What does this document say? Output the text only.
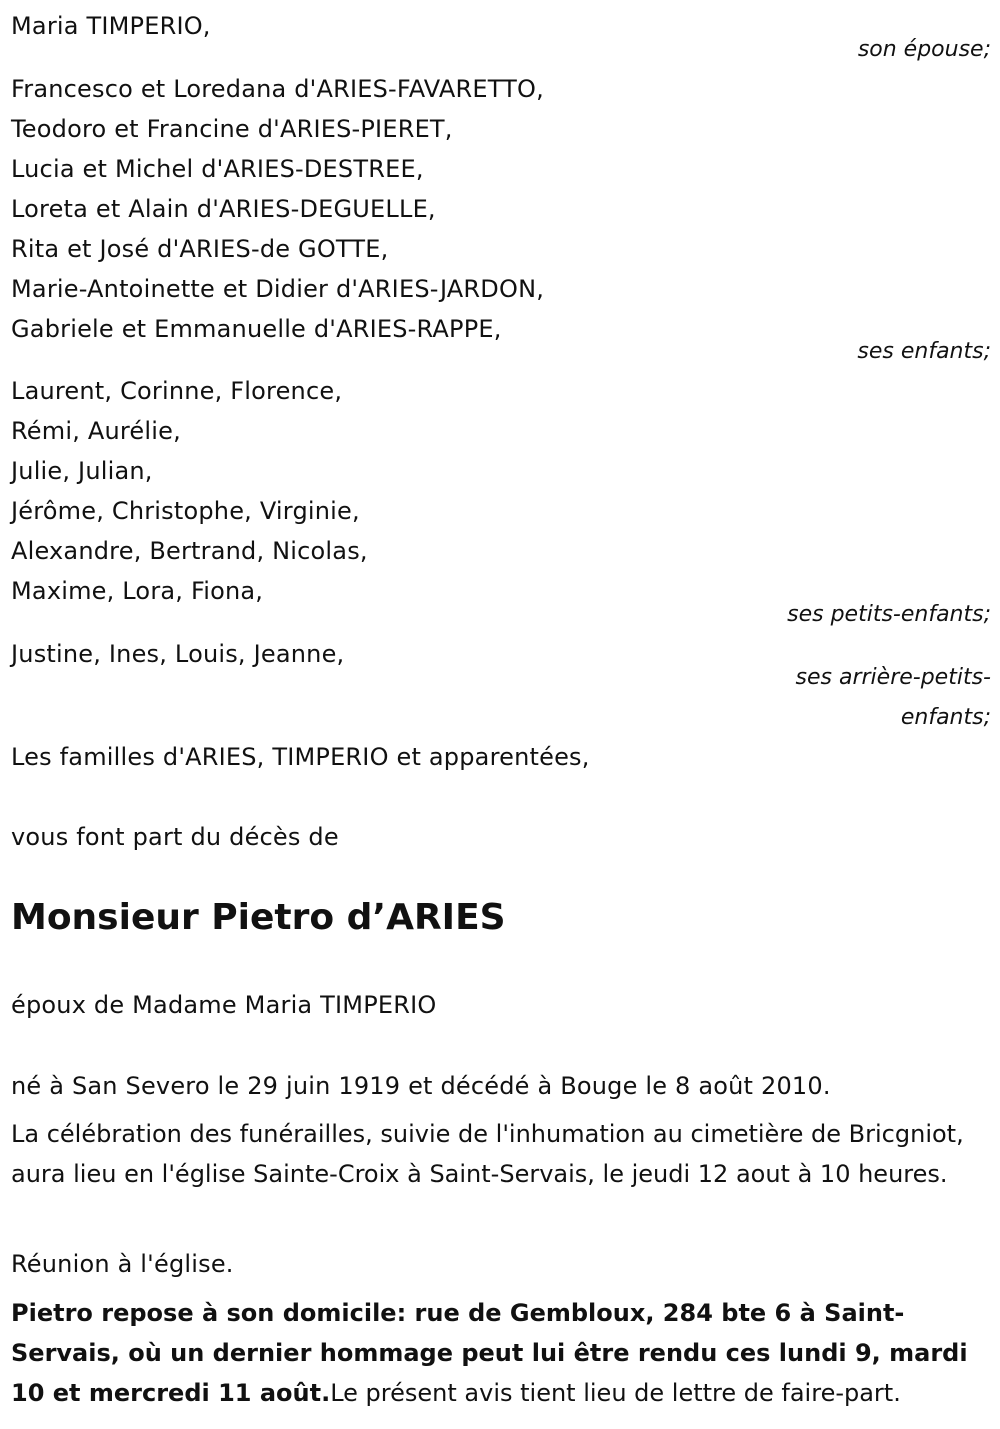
Maria TIMPERIO,
son épouse;
Francesco et Loredana d'ARIES-FAVARETTO,
Teodoro et Francine d'ARIES-PIERET,
Lucia et Michel d'ARIES-DESTREE,
Loreta et Alain d'ARIES-DEGUELLE,
Rita et José d'ARIES-de GOTTE,
Marie-Antoinette et Didier d'ARIES-JARDON,
Gabriele et Emmanuelle d'ARIES-RAPPE,
ses enfants;
Laurent, Corinne, Florence,
Rémi, Aurélie,
Julie, Julian,
Jérôme, Christophe, Virginie,
Alexandre, Bertrand, Nicolas,
Maxime, Lora, Fiona,
ses petits-enfants;
Justine, Ines, Louis, Jeanne,
ses arrière-petits-
enfants;
Les familles d'ARIES, TIMPERIO et apparentées,
vous font part du décès de
Monsieur Pietro d’ARIES
époux de Madame Maria TIMPERIO
né à San Severo le 29 juin 1919 et décédé à Bouge le 8 août 2010.
La célébration des funérailles, suivie de l'inhumation au cimetière de Bricgniot, aura lieu en l'église Sainte-Croix à Saint-Servais, le jeudi 12 aout à 10 heures.
Réunion à l'église.
Pietro repose à son domicile: rue de Gembloux, 284 bte 6 à Saint-Servais, où un dernier hommage peut lui être rendu ces lundi 9, mardi 10 et mercredi 11 août.Le présent avis tient lieu de lettre de faire-part.
